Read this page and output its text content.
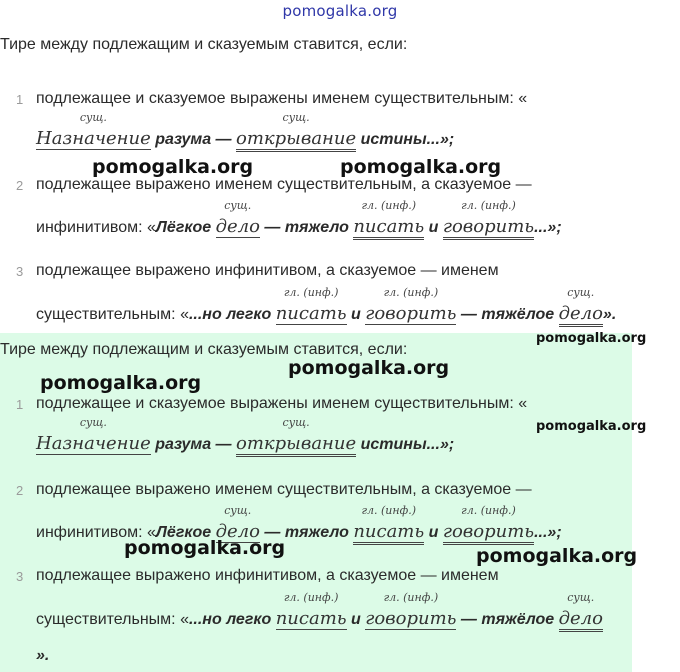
pomogalka.org
Тире между подлежащим и сказуемым ставится, если:
1 подлежащее и сказуемое выражены именем существительным: «
сущ.
Назначение разума —
сущ.
открывание истины...»;
2 подлежащее выражено именем существительным, а сказуемое —
инфинитивом: «Лёгкое
сущ.
дело — тяжело
гл. (инф.)
писать и
гл. (инф.)
говорить...»;
3 подлежащее выражено инфинитивом, а сказуемое — именем
существительным: «...но легко
гл. (инф.)
писать и
гл. (инф.)
говорить — тяжёлое
сущ.
дело».
Тире между подлежащим и сказуемым ставится, если:
1 подлежащее и сказуемое выражены именем существительным: «
сущ.
Назначение разума —
сущ.
открывание истины...»;
2 подлежащее выражено именем существительным, а сказуемое —
инфинитивом: «Лёгкое
сущ.
дело — тяжело
гл. (инф.)
писать и
гл. (инф.)
говорить...»;
3 подлежащее выражено инфинитивом, а сказуемое — именем
существительным: «...но легко
гл. (инф.)
писать и
гл. (инф.)
говорить — тяжёлое
сущ.
дело
».
pomogalka.org	pomogalka.org
pomogalka.org
pomogalka.org
pomogalka.org
pomogalka.org
pomogalka.org	pomogalka.org
